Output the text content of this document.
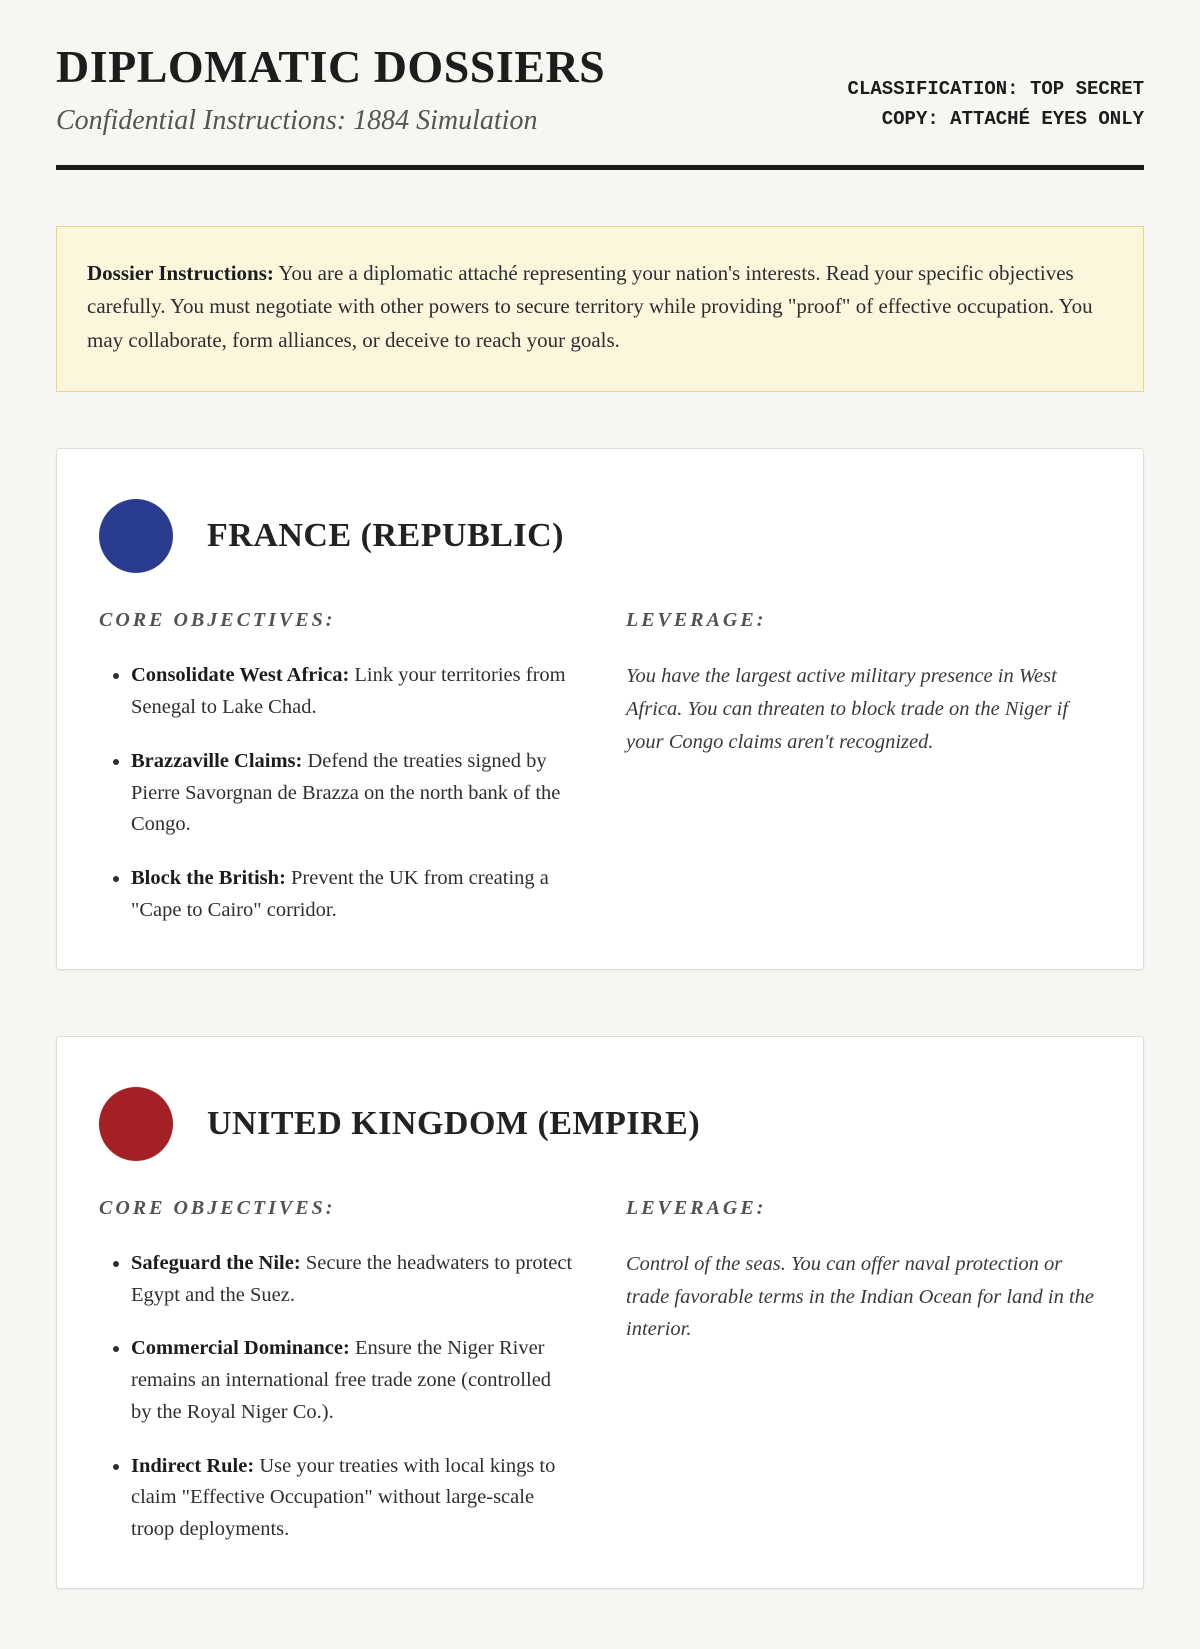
DIPLOMATIC DOSSIERS
Confidential Instructions: 1884 Simulation
CLASSIFICATION: TOP SECRET
COPY: ATTACHÉ EYES ONLY
Dossier Instructions: You are a diplomatic attaché representing your nation's interests. Read your specific objectives carefully. You must negotiate with other powers to secure territory while providing "proof" of effective occupation. You may collaborate, form alliances, or deceive to reach your goals.
FRANCE (REPUBLIC)
CORE OBJECTIVES:
• Consolidate West Africa: Link your territories from Senegal to Lake Chad.
• Brazzaville Claims: Defend the treaties signed by Pierre Savorgnan de Brazza on the north bank of the Congo.
• Block the British: Prevent the UK from creating a "Cape to Cairo" corridor.
LEVERAGE:

You have the largest active military presence in West Africa. You can threaten to block trade on the Niger if your Congo claims aren't recognized.

UNITED KINGDOM (EMPIRE)
CORE OBJECTIVES:
• Safeguard the Nile: Secure the headwaters to protect Egypt and the Suez.
• Commercial Dominance: Ensure the Niger River remains an international free trade zone (controlled by the Royal Niger Co.).
• Indirect Rule: Use your treaties with local kings to claim "Effective Occupation" without large-scale troop deployments.
LEVERAGE:

Control of the seas. You can offer naval protection or trade favorable terms in the Indian Ocean for land in the interior.
